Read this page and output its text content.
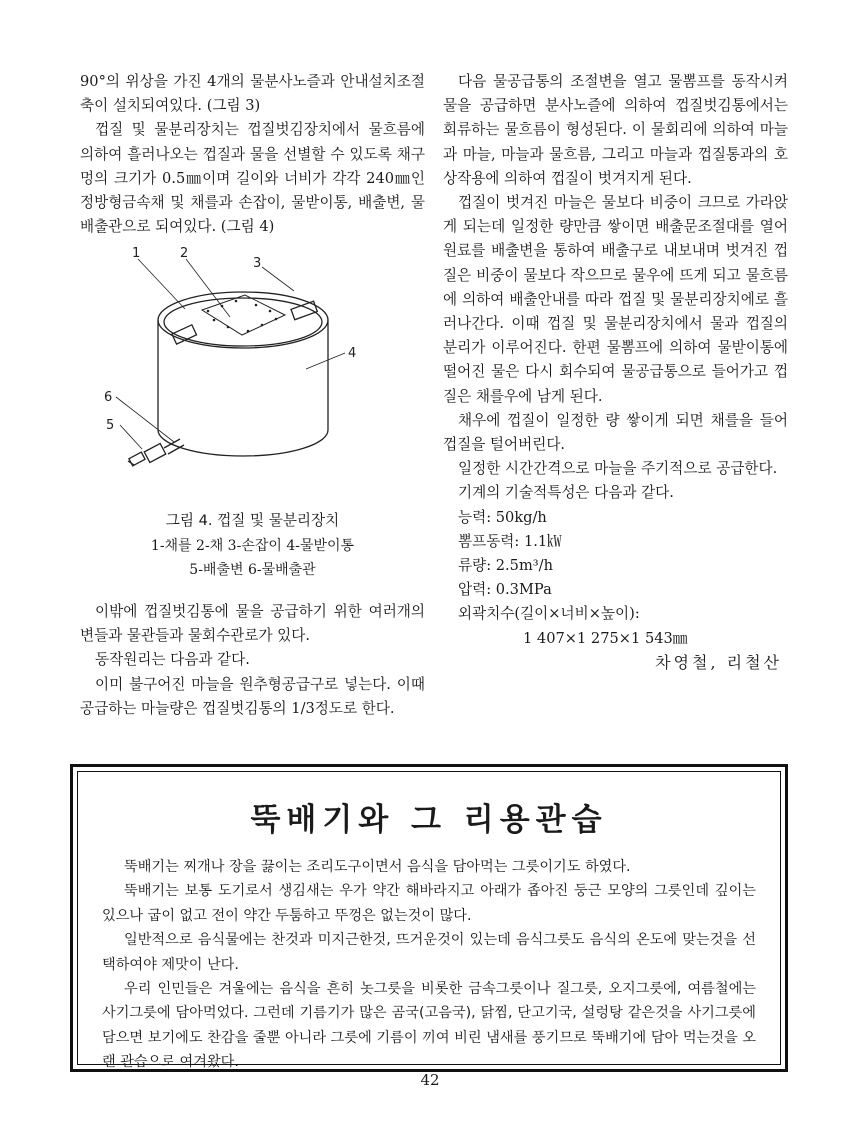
90°의 위상을 가진 4개의 물분사노즐과 안내설치조절축이 설치되여있다. (그림 3)

껍질 및 물분리장치는 껍질벗김장치에서 물흐름에 의하여 흘러나오는 껍질과 물을 선별할 수 있도록 채구멍의 크기가 0.5㎜이며 길이와 너비가 각각 240㎜인 정방형금속채 및 채를과 손잡이, 물받이통, 배출변, 물배출관으로 되여있다. (그림 4)

1	2
3
4
5
6
그림 4. 껍질 및 물분리장치
1-채를 2-채 3-손잡이 4-물받이통
5-배출변 6-물배출관

이밖에 껍질벗김통에 물을 공급하기 위한 여러개의 변들과 물관들과 물회수관로가 있다.

동작원리는 다음과 같다.

이미 불구어진 마늘을 원추형공급구로 넣는다. 이때 공급하는 마늘량은 껍질벗김통의 1/3정도로 한다.

다음 물공급통의 조절변을 열고 물뽐프를 동작시켜 물을 공급하면 분사노즐에 의하여 껍질벗김통에서는 회류하는 물흐름이 형성된다. 이 물회리에 의하여 마늘과 마늘, 마늘과 물흐름, 그리고 마늘과 껍질통과의 호상작용에 의하여 껍질이 벗겨지게 된다.

껍질이 벗겨진 마늘은 물보다 비중이 크므로 가라앉게 되는데 일정한 량만큼 쌓이면 배출문조절대를 열어 원료를 배출변을 통하여 배출구로 내보내며 벗겨진 껍질은 비중이 물보다 작으므로 물우에 뜨게 되고 물흐름에 의하여 배출안내를 따라 껍질 및 물분리장치에로 흘러나간다. 이때 껍질 및 물분리장치에서 물과 껍질의 분리가 이루어진다. 한편 물뽐프에 의하여 물받이통에 떨어진 물은 다시 회수되여 물공급통으로 들어가고 껍질은 채를우에 남게 된다.

채우에 껍질이 일정한 량 쌓이게 되면 채를을 들어 껍질을 털어버린다.

일정한 시간간격으로 마늘을 주기적으로 공급한다.

기계의 기술적특성은 다음과 같다.

능력: 50kg/h

뽐프동력: 1.1㎾

류량: 2.5m³/h

압력: 0.3MPa

외곽치수(길이×너비×높이):

1 407×1 275×1 543㎜

차영철, 리철산
뚝배기와 그 리용관습

뚝배기는 찌개나 장을 끓이는 조리도구이면서 음식을 담아먹는 그릇이기도 하였다.

뚝배기는 보통 도기로서 생김새는 우가 약간 해바라지고 아래가 좁아진 둥근 모양의 그릇인데 깊이는 있으나 굽이 없고 전이 약간 두툼하고 뚜껑은 없는것이 많다.

일반적으로 음식물에는 찬것과 미지근한것, 뜨거운것이 있는데 음식그릇도 음식의 온도에 맞는것을 선택하여야 제맛이 난다.

우리 인민들은 겨울에는 음식을 흔히 놋그릇을 비롯한 금속그릇이나 질그릇, 오지그릇에, 여름철에는 사기그릇에 담아먹었다. 그런데 기름기가 많은 곰국(고음국), 닭찜, 단고기국, 설렁탕 같은것을 사기그릇에 담으면 보기에도 찬감을 줄뿐 아니라 그릇에 기름이 끼여 비린 냄새를 풍기므로 뚝배기에 담아 먹는것을 오랜 관습으로 여겨왔다.

42
